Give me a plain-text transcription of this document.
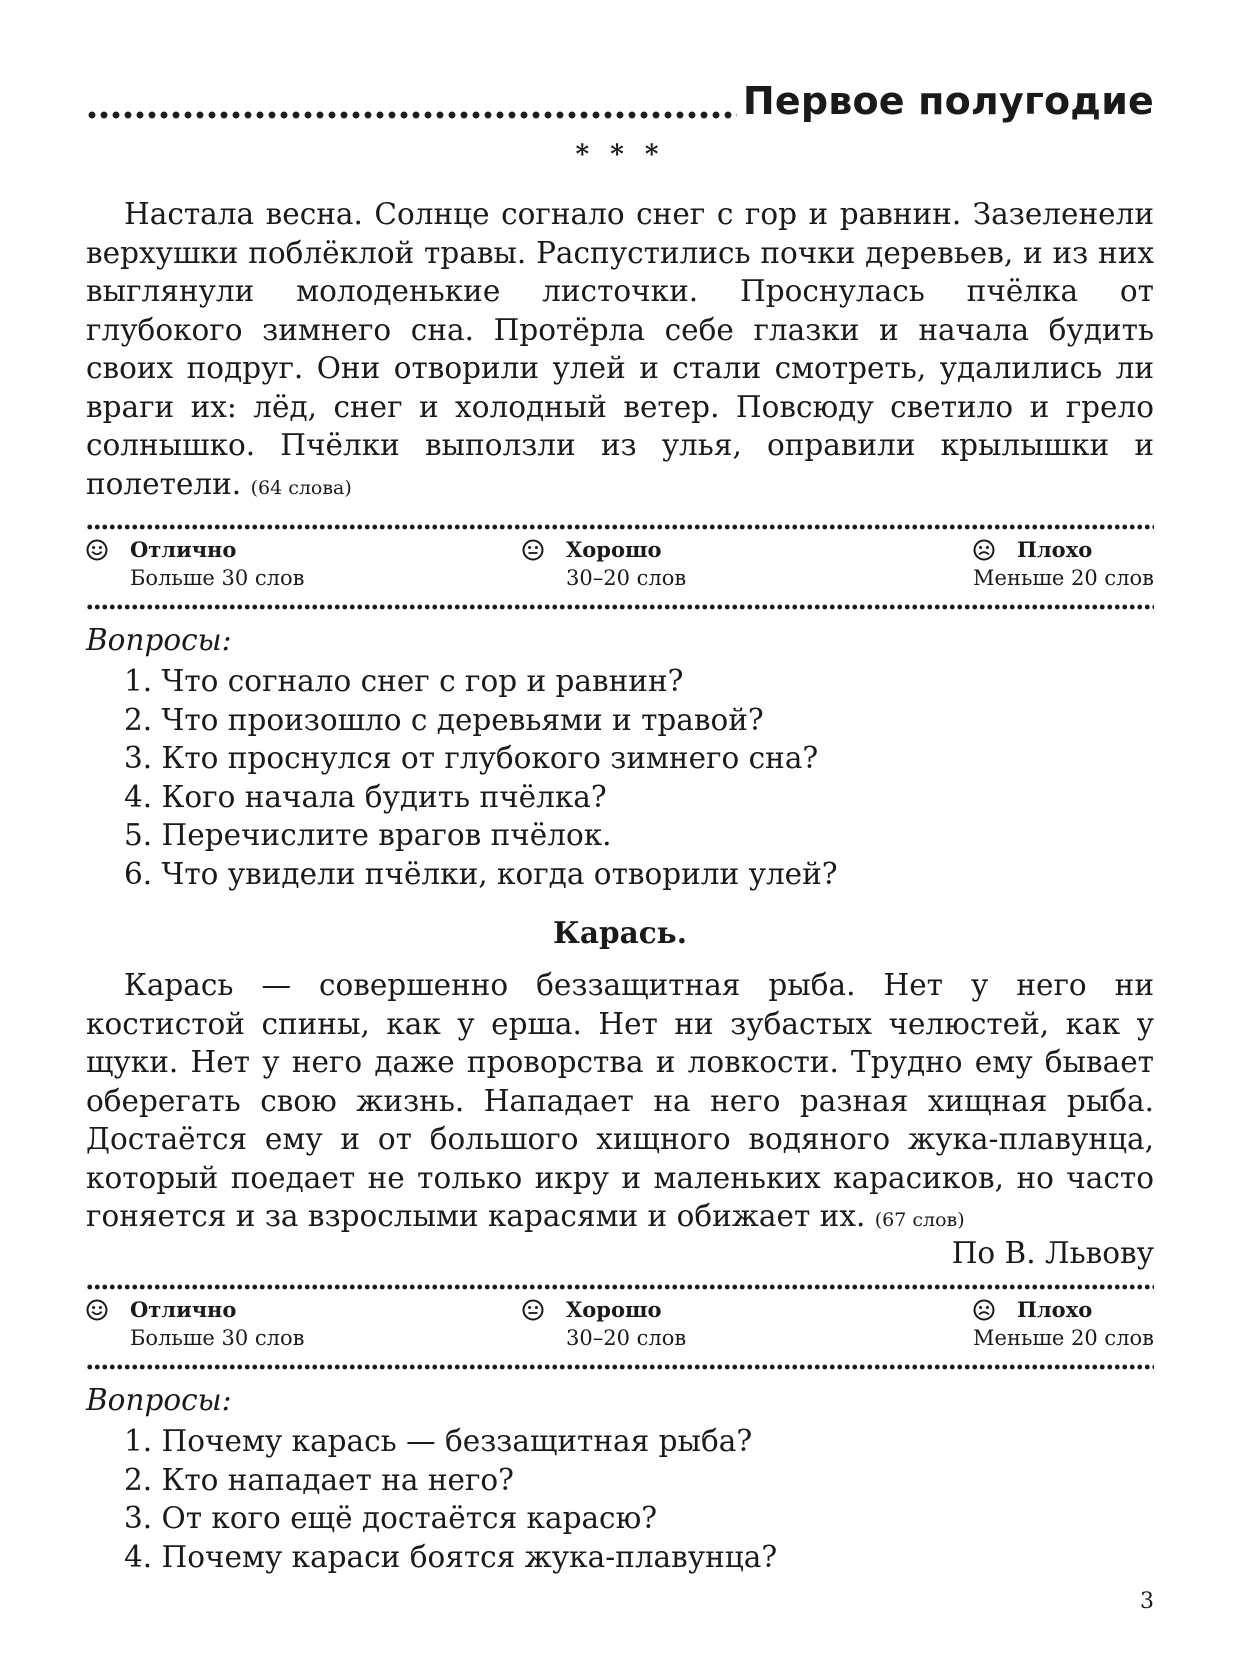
Первое полугодие
* * *

Настала весна. Солнце согнало снег с гор и равнин. Зазеленели верхушки поблёклой травы. Распустились почки деревьев, и из них выглянули молоденькие листочки. Проснулась пчёлка от глубокого зимнего сна. Протёрла себе глазки и начала будить своих подруг. Они отворили улей и стали смотреть, удалились ли враги их: лёд, снег и холодный ветер. Повсюду светило и грело солнышко. Пчёлки выползли из улья, оправили крылышки и полетели. (64 слова)

Отлично
Больше 30 слов
Хорошо
30–20 слов
Плохо
Меньше 20 слов
Вопросы:
1. Что согнало снег с гор и равнин?
2. Что произошло с деревьями и травой?
3. Кто проснулся от глубокого зимнего сна?
4. Кого начала будить пчёлка?
5. Перечислите врагов пчёлок.
6. Что увидели пчёлки, когда отворили улей?
Карась.

Карась — совершенно беззащитная рыба. Нет у него ни костистой спины, как у ерша. Нет ни зубастых челюстей, как у щуки. Нет у него даже проворства и ловкости. Трудно ему бывает оберегать свою жизнь. Нападает на него разная хищная рыба. Достаётся ему и от большого хищного водяного жука-плавунца, который поедает не только икру и маленьких карасиков, но часто гоняется и за взрослыми карасями и обижает их. (67 слов)

По В. Львову
Отлично
Больше 30 слов
Хорошо
30–20 слов
Плохо
Меньше 20 слов
Вопросы:
1. Почему карась — беззащитная рыба?
2. Кто нападает на него?
3. От кого ещё достаётся карасю?
4. Почему караси боятся жука-плавунца?
3
